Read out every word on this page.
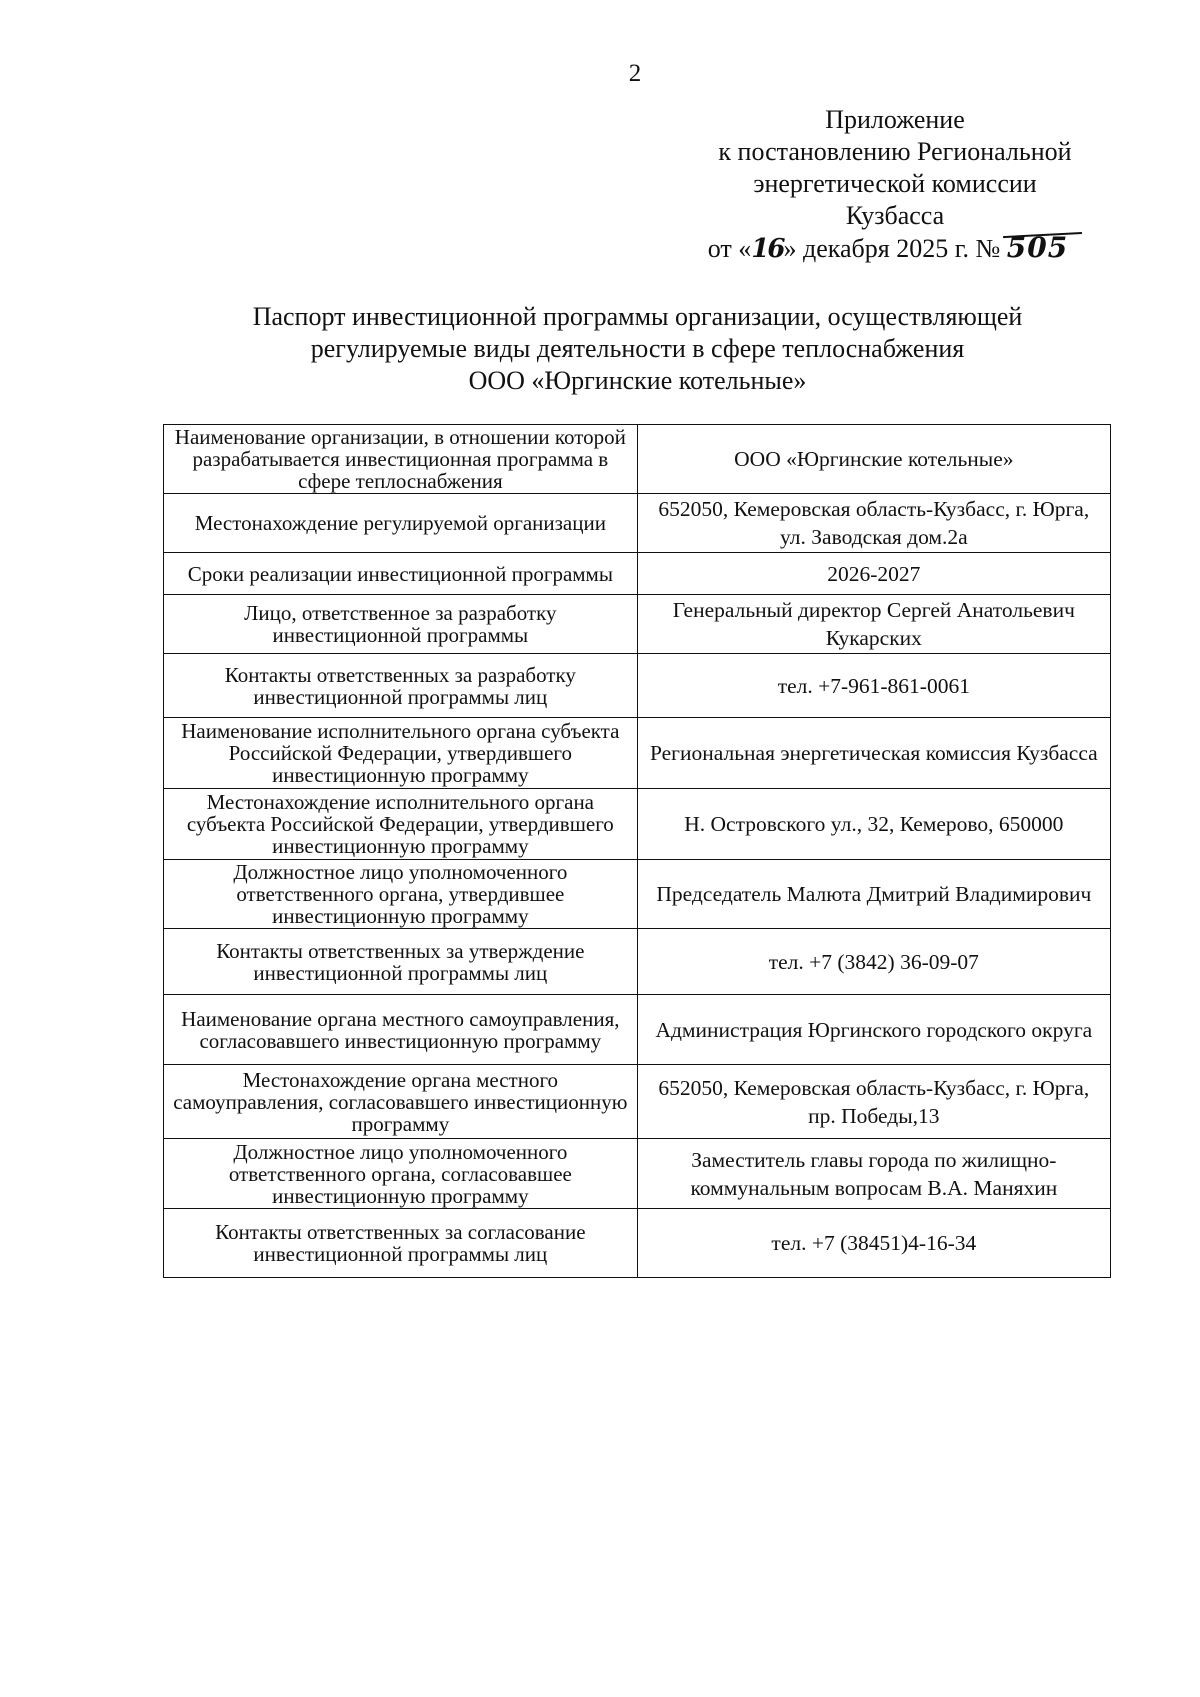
2
Приложение
к постановлению Региональной
энергетической комиссии
Кузбасса
от «16» декабря 2025 г. № 505
Паспорт инвестиционной программы организации, осуществляющей
регулируемые виды деятельности в сфере теплоснабжения
ООО «Юргинские котельные»
Наименование организации, в отношении которой разрабатывается инвестиционная программа в сфере теплоснабжения	ООО «Юргинские котельные»
Местонахождение регулируемой организации	652050, Кемеровская область-Кузбасс, г. Юрга, ул. Заводская дом.2а
Сроки реализации инвестиционной программы	2026-2027
Лицо, ответственное за разработку инвестиционной программы	Генеральный директор Сергей Анатольевич Кукарских
Контакты ответственных за разработку инвестиционной программы лиц	тел. +7-961-861-0061
Наименование исполнительного органа субъекта Российской Федерации, утвердившего инвестиционную программу	Региональная энергетическая комиссия Кузбасса
Местонахождение исполнительного органа субъекта Российской Федерации, утвердившего инвестиционную программу	Н. Островского ул., 32, Кемерово, 650000
Должностное лицо уполномоченного ответственного органа, утвердившее инвестиционную программу	Председатель Малюта Дмитрий Владимирович
Контакты ответственных за утверждение инвестиционной программы лиц	тел. +7 (3842) 36-09-07
Наименование органа местного самоуправления, согласовавшего инвестиционную программу	Администрация Юргинского городского округа
Местонахождение органа местного самоуправления, согласовавшего инвестиционную программу	652050, Кемеровская область-Кузбасс, г. Юрга, пр. Победы,13
Должностное лицо уполномоченного ответственного органа, согласовавшее инвестиционную программу	Заместитель главы города по жилищно-коммунальным вопросам В.А. Маняхин
Контакты ответственных за согласование инвестиционной программы лиц	тел. +7 (38451)4-16-34
